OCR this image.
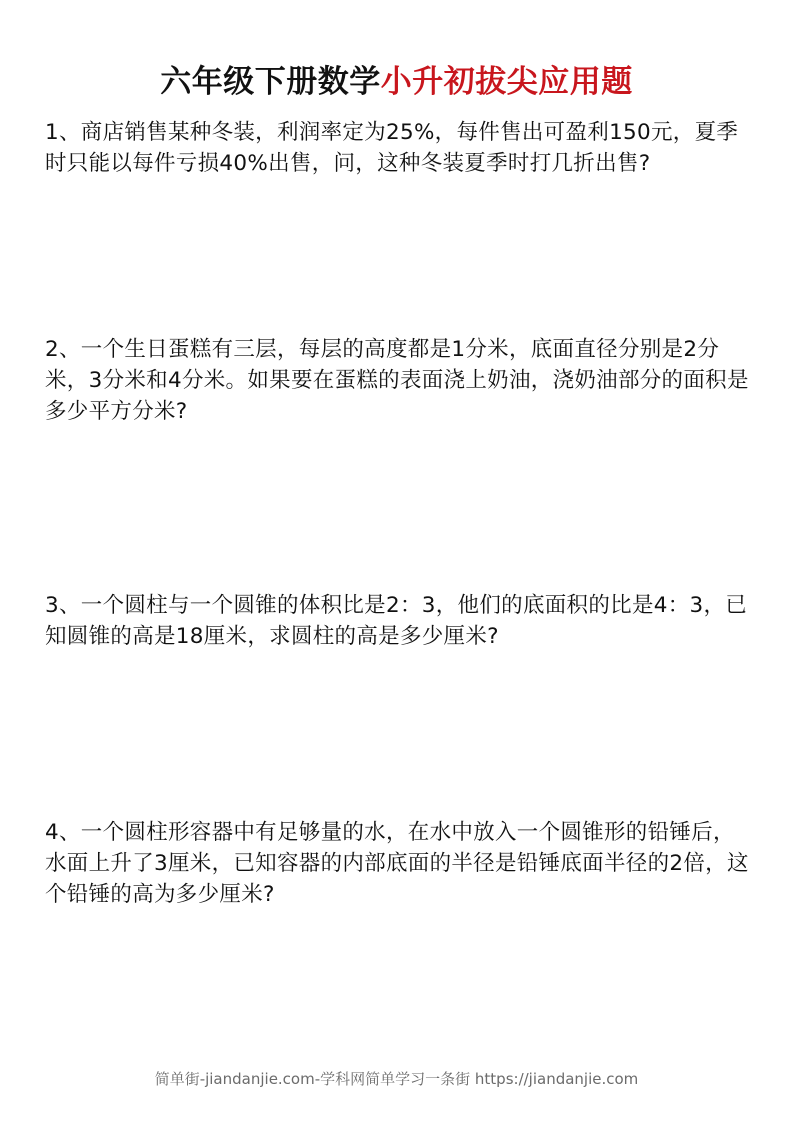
六年级下册数学小升初拔尖应用题

1、商店销售某种冬装，利润率定为25%，每件售出可盈利150元，夏季时只能以每件亏损40%出售，问，这种冬装夏季时打几折出售?

2、一个生日蛋糕有三层，每层的高度都是1分米，底面直径分别是2分米，3分米和4分米。如果要在蛋糕的表面浇上奶油，浇奶油部分的面积是多少平方分米?

3、一个圆柱与一个圆锥的体积比是2：3，他们的底面积的比是4：3，已知圆锥的高是18厘米，求圆柱的高是多少厘米?

4、一个圆柱形容器中有足够量的水，在水中放入一个圆锥形的铅锤后，水面上升了3厘米，已知容器的内部底面的半径是铅锤底面半径的2倍，这个铅锤的高为多少厘米?

简单街-jiandanjie.com-学科网简单学习一条街 https://jiandanjie.com
